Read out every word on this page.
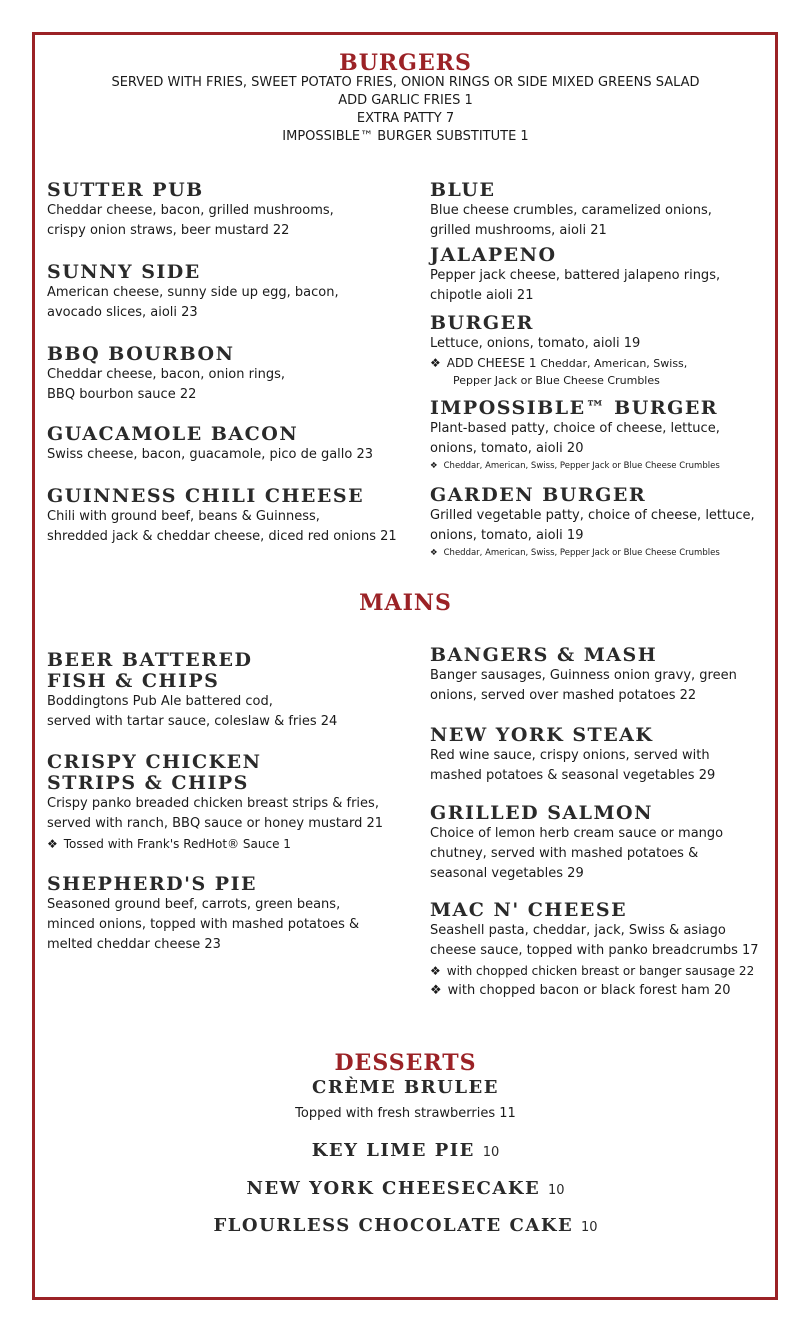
BURGERS
SERVED WITH FRIES, SWEET POTATO FRIES, ONION RINGS OR SIDE MIXED GREENS SALAD
ADD GARLIC FRIES 1
EXTRA PATTY 7
IMPOSSIBLE™ BURGER SUBSTITUTE 1
SUTTER PUB
Cheddar cheese, bacon, grilled mushrooms,
crispy onion straws, beer mustard 22
SUNNY SIDE
American cheese, sunny side up egg, bacon,
avocado slices, aioli 23
BBQ BOURBON
Cheddar cheese, bacon, onion rings,
BBQ bourbon sauce 22
GUACAMOLE BACON
Swiss cheese, bacon, guacamole, pico de gallo 23
GUINNESS CHILI CHEESE
Chili with ground beef, beans & Guinness,
shredded jack & cheddar cheese, diced red onions 21
BLUE
Blue cheese crumbles, caramelized onions,
grilled mushrooms, aioli 21
JALAPENO
Pepper jack cheese, battered jalapeno rings,
chipotle aioli 21
BURGER
Lettuce, onions, tomato, aioli 19
❖ ADD CHEESE 1 Cheddar, American, Swiss,
Pepper Jack or Blue Cheese Crumbles
IMPOSSIBLE™ BURGER
Plant-based patty, choice of cheese, lettuce,
onions, tomato, aioli 20
❖ Cheddar, American, Swiss, Pepper Jack or Blue Cheese Crumbles
GARDEN BURGER
Grilled vegetable patty, choice of cheese, lettuce,
onions, tomato, aioli 19
❖ Cheddar, American, Swiss, Pepper Jack or Blue Cheese Crumbles
MAINS
BEER BATTERED
FISH & CHIPS
Boddingtons Pub Ale battered cod,
served with tartar sauce, coleslaw & fries 24
CRISPY CHICKEN
STRIPS & CHIPS
Crispy panko breaded chicken breast strips & fries,
served with ranch, BBQ sauce or honey mustard 21
❖ Tossed with Frank's RedHot® Sauce 1
SHEPHERD'S PIE
Seasoned ground beef, carrots, green beans,
minced onions, topped with mashed potatoes &
melted cheddar cheese 23
BANGERS & MASH
Banger sausages, Guinness onion gravy, green
onions, served over mashed potatoes 22
NEW YORK STEAK
Red wine sauce, crispy onions, served with
mashed potatoes & seasonal vegetables 29
GRILLED SALMON
Choice of lemon herb cream sauce or mango
chutney, served with mashed potatoes &
seasonal vegetables 29
MAC N' CHEESE
Seashell pasta, cheddar, jack, Swiss & asiago
cheese sauce, topped with panko breadcrumbs 17
❖ with chopped chicken breast or banger sausage 22
❖ with chopped bacon or black forest ham 20
DESSERTS
CRÈME BRULEE
Topped with fresh strawberries 11
KEY LIME PIE 10
NEW YORK CHEESECAKE 10
FLOURLESS CHOCOLATE CAKE 10
